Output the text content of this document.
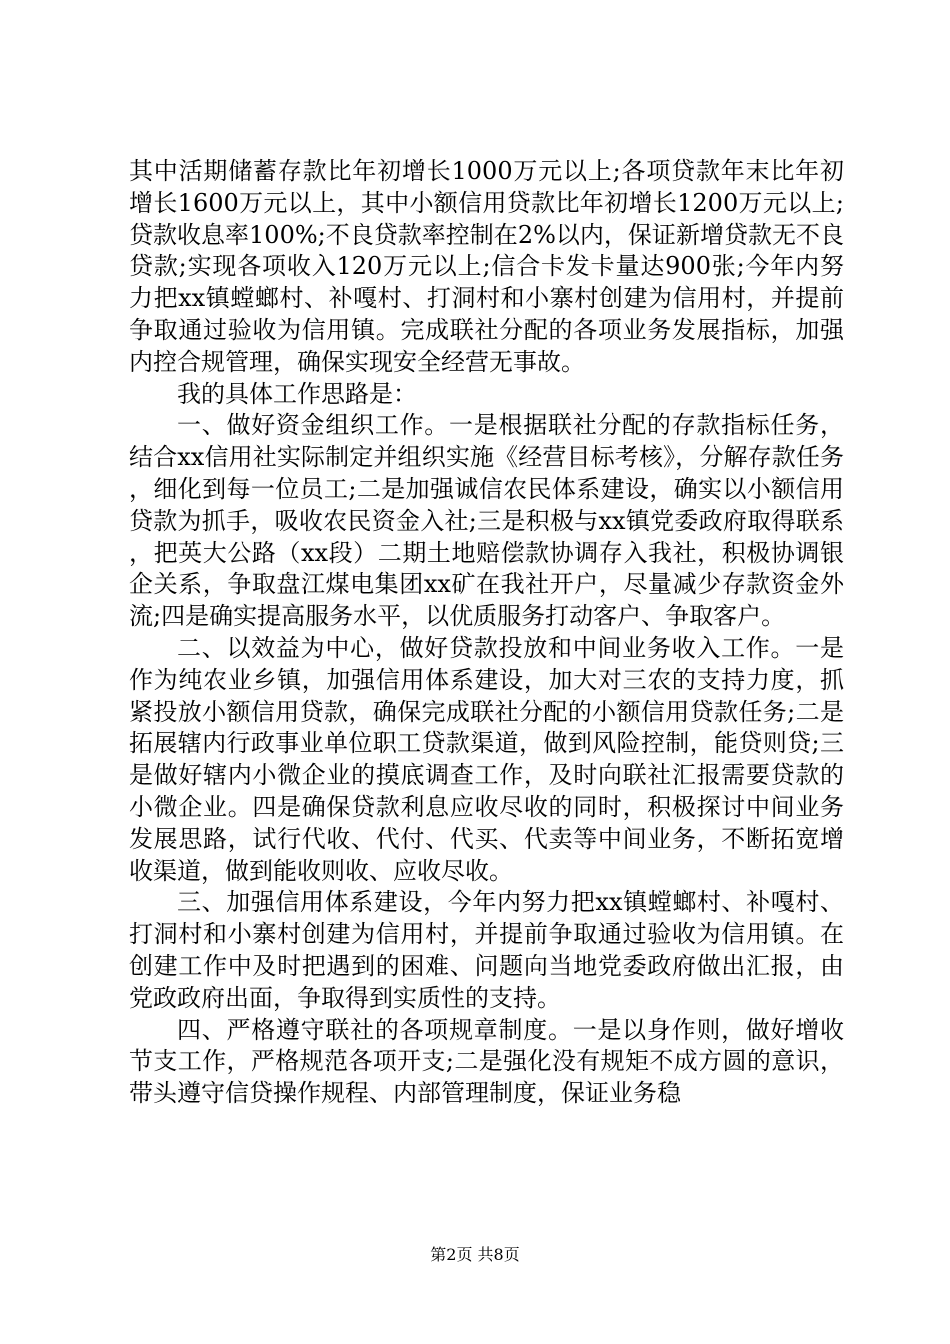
其中活期储蓄存款比年初增长1000万元以上;各项贷款年末比年初增长1600万元以上，其中小额信用贷款比年初增长1200万元以上;贷款收息率100%;不良贷款率控制在2%以内，保证新增贷款无不良贷款;实现各项收入120万元以上;信合卡发卡量达900张;今年内努力把xx镇螳螂村、补嘎村、打洞村和小寨村创建为信用村，并提前争取通过验收为信用镇。完成联社分配的各项业务发展指标，加强内控合规管理，确保实现安全经营无事故。

我的具体工作思路是：

一、做好资金组织工作。一是根据联社分配的存款指标任务，结合xx信用社实际制定并组织实施《经营目标考核》，分解存款任务，细化到每一位员工;二是加强诚信农民体系建设，确实以小额信用贷款为抓手，吸收农民资金入社;三是积极与xx镇党委政府取得联系，把英大公路（xx段）二期土地赔偿款协调存入我社，积极协调银企关系，争取盘江煤电集团xx矿在我社开户，尽量减少存款资金外流;四是确实提高服务水平，以优质服务打动客户、争取客户。

二、以效益为中心，做好贷款投放和中间业务收入工作。一是作为纯农业乡镇，加强信用体系建设，加大对三农的支持力度，抓紧投放小额信用贷款，确保完成联社分配的小额信用贷款任务;二是拓展辖内行政事业单位职工贷款渠道，做到风险控制，能贷则贷;三是做好辖内小微企业的摸底调查工作，及时向联社汇报需要贷款的小微企业。四是确保贷款利息应收尽收的同时，积极探讨中间业务发展思路，试行代收、代付、代买、代卖等中间业务，不断拓宽增收渠道，做到能收则收、应收尽收。

三、加强信用体系建设，今年内努力把xx镇螳螂村、补嘎村、打洞村和小寨村创建为信用村，并提前争取通过验收为信用镇。在创建工作中及时把遇到的困难、问题向当地党委政府做出汇报，由党政政府出面，争取得到实质性的支持。

四、严格遵守联社的各项规章制度。一是以身作则，做好增收节支工作，严格规范各项开支;二是强化没有规矩不成方圆的意识，带头遵守信贷操作规程、内部管理制度，保证业务稳

第2页 共8页
